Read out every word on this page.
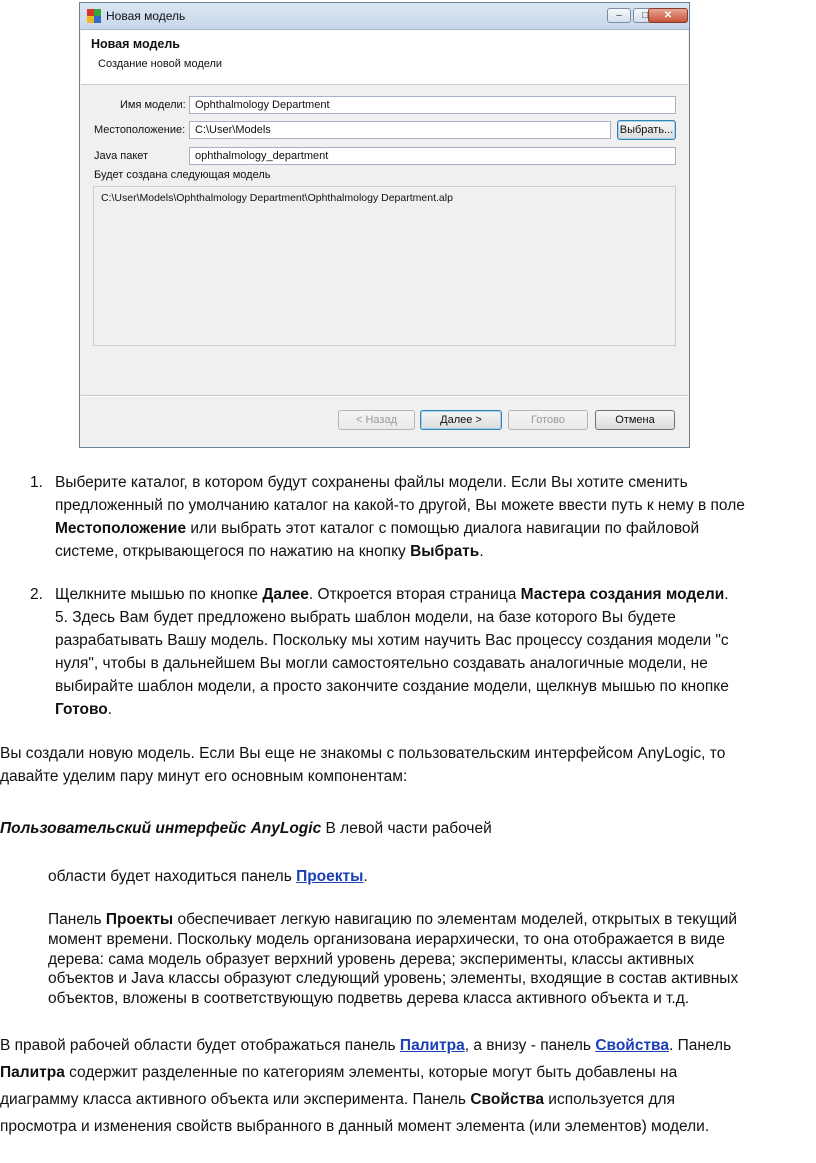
Новая модель	–	□	✕
Новая модель
Создание новой модели
Имя модели: Ophthalmology Department
Местоположение: C:\User\Models	Выбрать...
Java пакет	ophthalmology_department
Будет создана следующая модель
C:\User\Models\Ophthalmology Department\Ophthalmology Department.alp
< Назад	Далее >	Готово	Отмена
1. Выберите каталог, в котором будут сохранены файлы модели. Если Вы хотите сменить
предложенный по умолчанию каталог на какой-то другой, Вы можете ввести путь к нему в поле
Местоположение или выбрать этот каталог с помощью диалога навигации по файловой
системе, открывающегося по нажатию на кнопку Выбрать.
2. Щелкните мышью по кнопке Далее. Откроется вторая страница Мастера создания модели.
5. Здесь Вам будет предложено выбрать шаблон модели, на базе которого Вы будете
разрабатывать Вашу модель. Поскольку мы хотим научить Вас процессу создания модели "с
нуля", чтобы в дальнейшем Вы могли самостоятельно создавать аналогичные модели, не
выбирайте шаблон модели, а просто закончите создание модели, щелкнув мышью по кнопке
Готово.
Вы создали новую модель. Если Вы еще не знакомы с пользовательским интерфейсом AnyLogic, то
давайте уделим пару минут его основным компонентам:
Пользовательский интерфейс AnyLogic В левой части рабочей
области будет находиться панель Проекты.
Панель Проекты обеспечивает легкую навигацию по элементам моделей, открытых в текущий
момент времени. Поскольку модель организована иерархически, то она отображается в виде
дерева: сама модель образует верхний уровень дерева; эксперименты, классы активных
объектов и Java классы образуют следующий уровень; элементы, входящие в состав активных
объектов, вложены в соответствующую подветвь дерева класса активного объекта и т.д.
В правой рабочей области будет отображаться панель Палитра, а внизу - панель Свойства. Панель
Палитра содержит разделенные по категориям элементы, которые могут быть добавлены на
диаграмму класса активного объекта или эксперимента. Панель Свойства используется для
просмотра и изменения свойств выбранного в данный момент элемента (или элементов) модели.
